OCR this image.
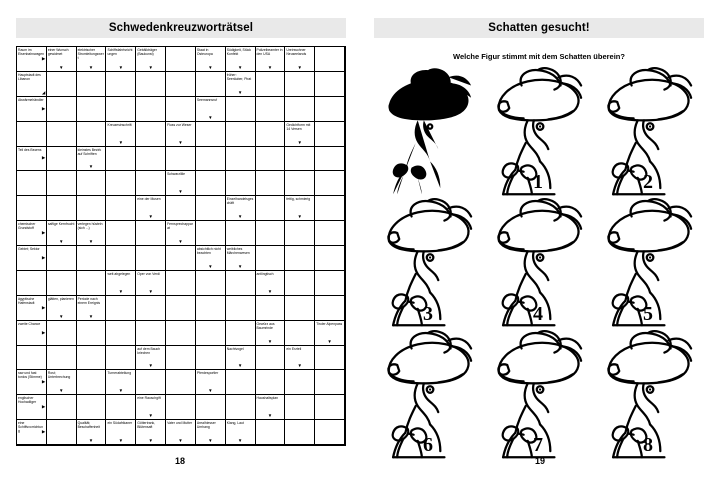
Schwedenkreuzworträtsel
Raum im Eisenbahnwagen
▶
einer Wunsch gewidmet
▼
elektrischer Stromleitungswert
▼
Schiffsfahrtsrichtungen
▼
Gebälkträger (Baukunst)
▼
Staat in Osteuropa
▼
Südigkeit, Stück Konfekt
▼
Polizeibeamter in den USA
▼
Ureinwohner Neuseelands
▼
Hauptstadt des Libanon
◢
früher: Seeräuber, Pirat
▼
Abwärmehändler
▶
Seemannsruf
▼
Kreuzesinschrift
▼
Fluss zur Weser
▼
Gedichtform mit 14 Versen
▼
Teil des Beגens
▶
kleinstes Bezirk auf Schriften
▼
Schwarzlilie
▼
eine der Musen
▼
Einzelhandelsgeschäft
▼
fettig, schmierig
▼
chemischer Grundstoff
▶
saftige Kernfrucht
▼
verlegen hüsteln (sich ...)
▼
Fernsprechapparat
▼
Gebiet; Sektor
▶
absichtlich nicht beachten
▼
weibliches Märchenwesen
▼
weit abgelegen
▼
Oper von Verdi
▼
antlingtisch
▼
ägyptische Hafenstadt
▶
glätten, planieren
▼
Periode nach einem Ereignis
▼
zweite Chance
▶
Gewürz aus Baumrinde
▼
Tiroler Alpenpass
▼
auf dem Bauch kriechen
▼
Nachtvogel
▼
ein Erzteil
▼
raw und fast tonlos (Stimme)
▶
Rost; Unterbrechung
▼
Turnerabteilung
▼
Pferdesportler
▼
englischer Hochadliger
▶
eine Rauschgift
▼
Haushaltsplan
▼
eine Schiffsvorrichtung	▶
Qualität; Beschaffenheit
▼
ein Südafrikaner
▼
Göttertrank, Blütensaft
▼
Vater und Mutter
▼
Arealhiesser Umhang
▼
Klang, Laut
▼
18
Schatten gesucht!
Welche Figur stimmt mit dem Schatten überein?
1	2
3	4	5
6	7	8
19
